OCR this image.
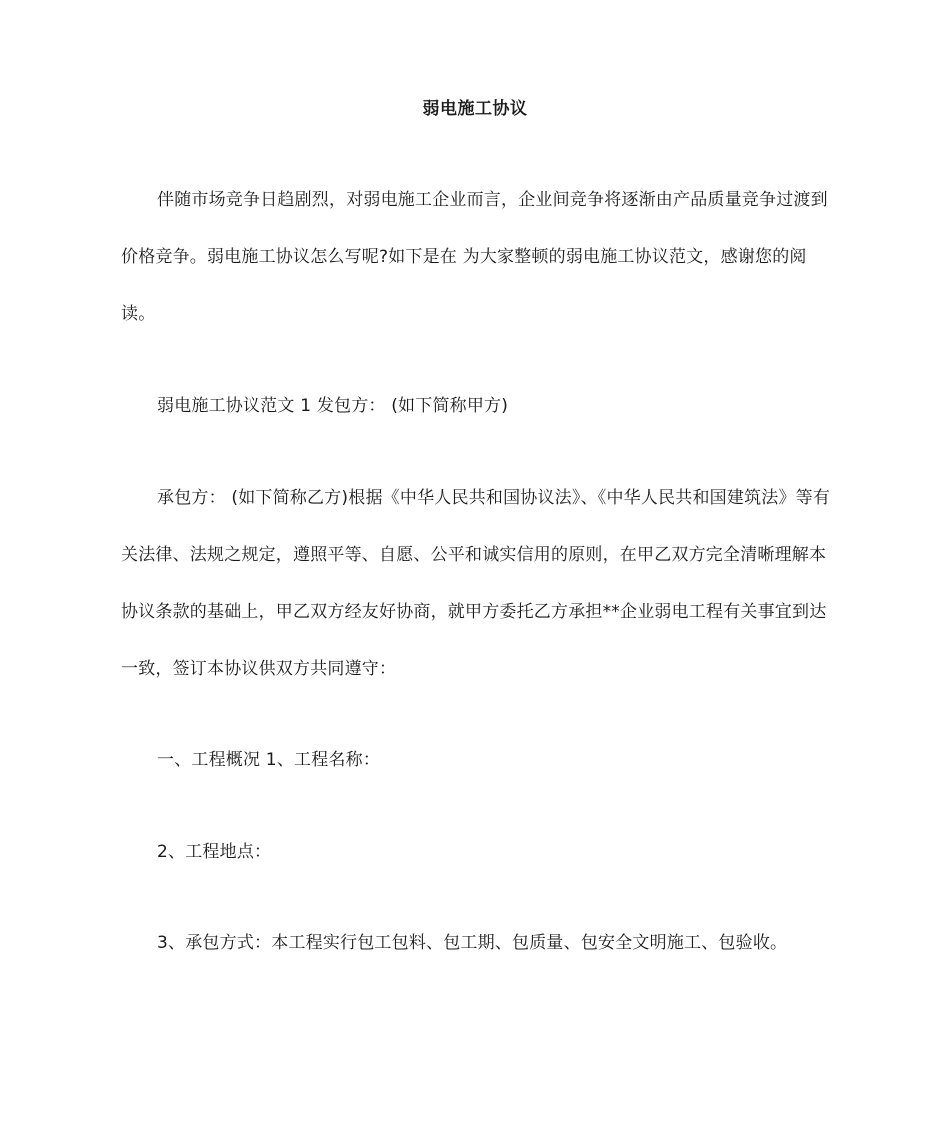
弱电施工协议

伴随市场竞争日趋剧烈，对弱电施工企业而言，企业间竞争将逐渐由产品质量竞争过渡到价格竞争。弱电施工协议怎么写呢?如下是在 为大家整顿的弱电施工协议范文，感谢您的阅读。

弱电施工协议范文 1 发包方： (如下简称甲方)

承包方： (如下简称乙方)根据《中华人民共和国协议法》、《中华人民共和国建筑法》等有关法律、法规之规定，遵照平等、自愿、公平和诚实信用的原则，在甲乙双方完全清晰理解本协议条款的基础上，甲乙双方经友好协商，就甲方委托乙方承担**企业弱电工程有关事宜到达一致，签订本协议供双方共同遵守：

一、工程概况 1、工程名称：

2、工程地点：

3、承包方式：本工程实行包工包料、包工期、包质量、包安全文明施工、包验收。
